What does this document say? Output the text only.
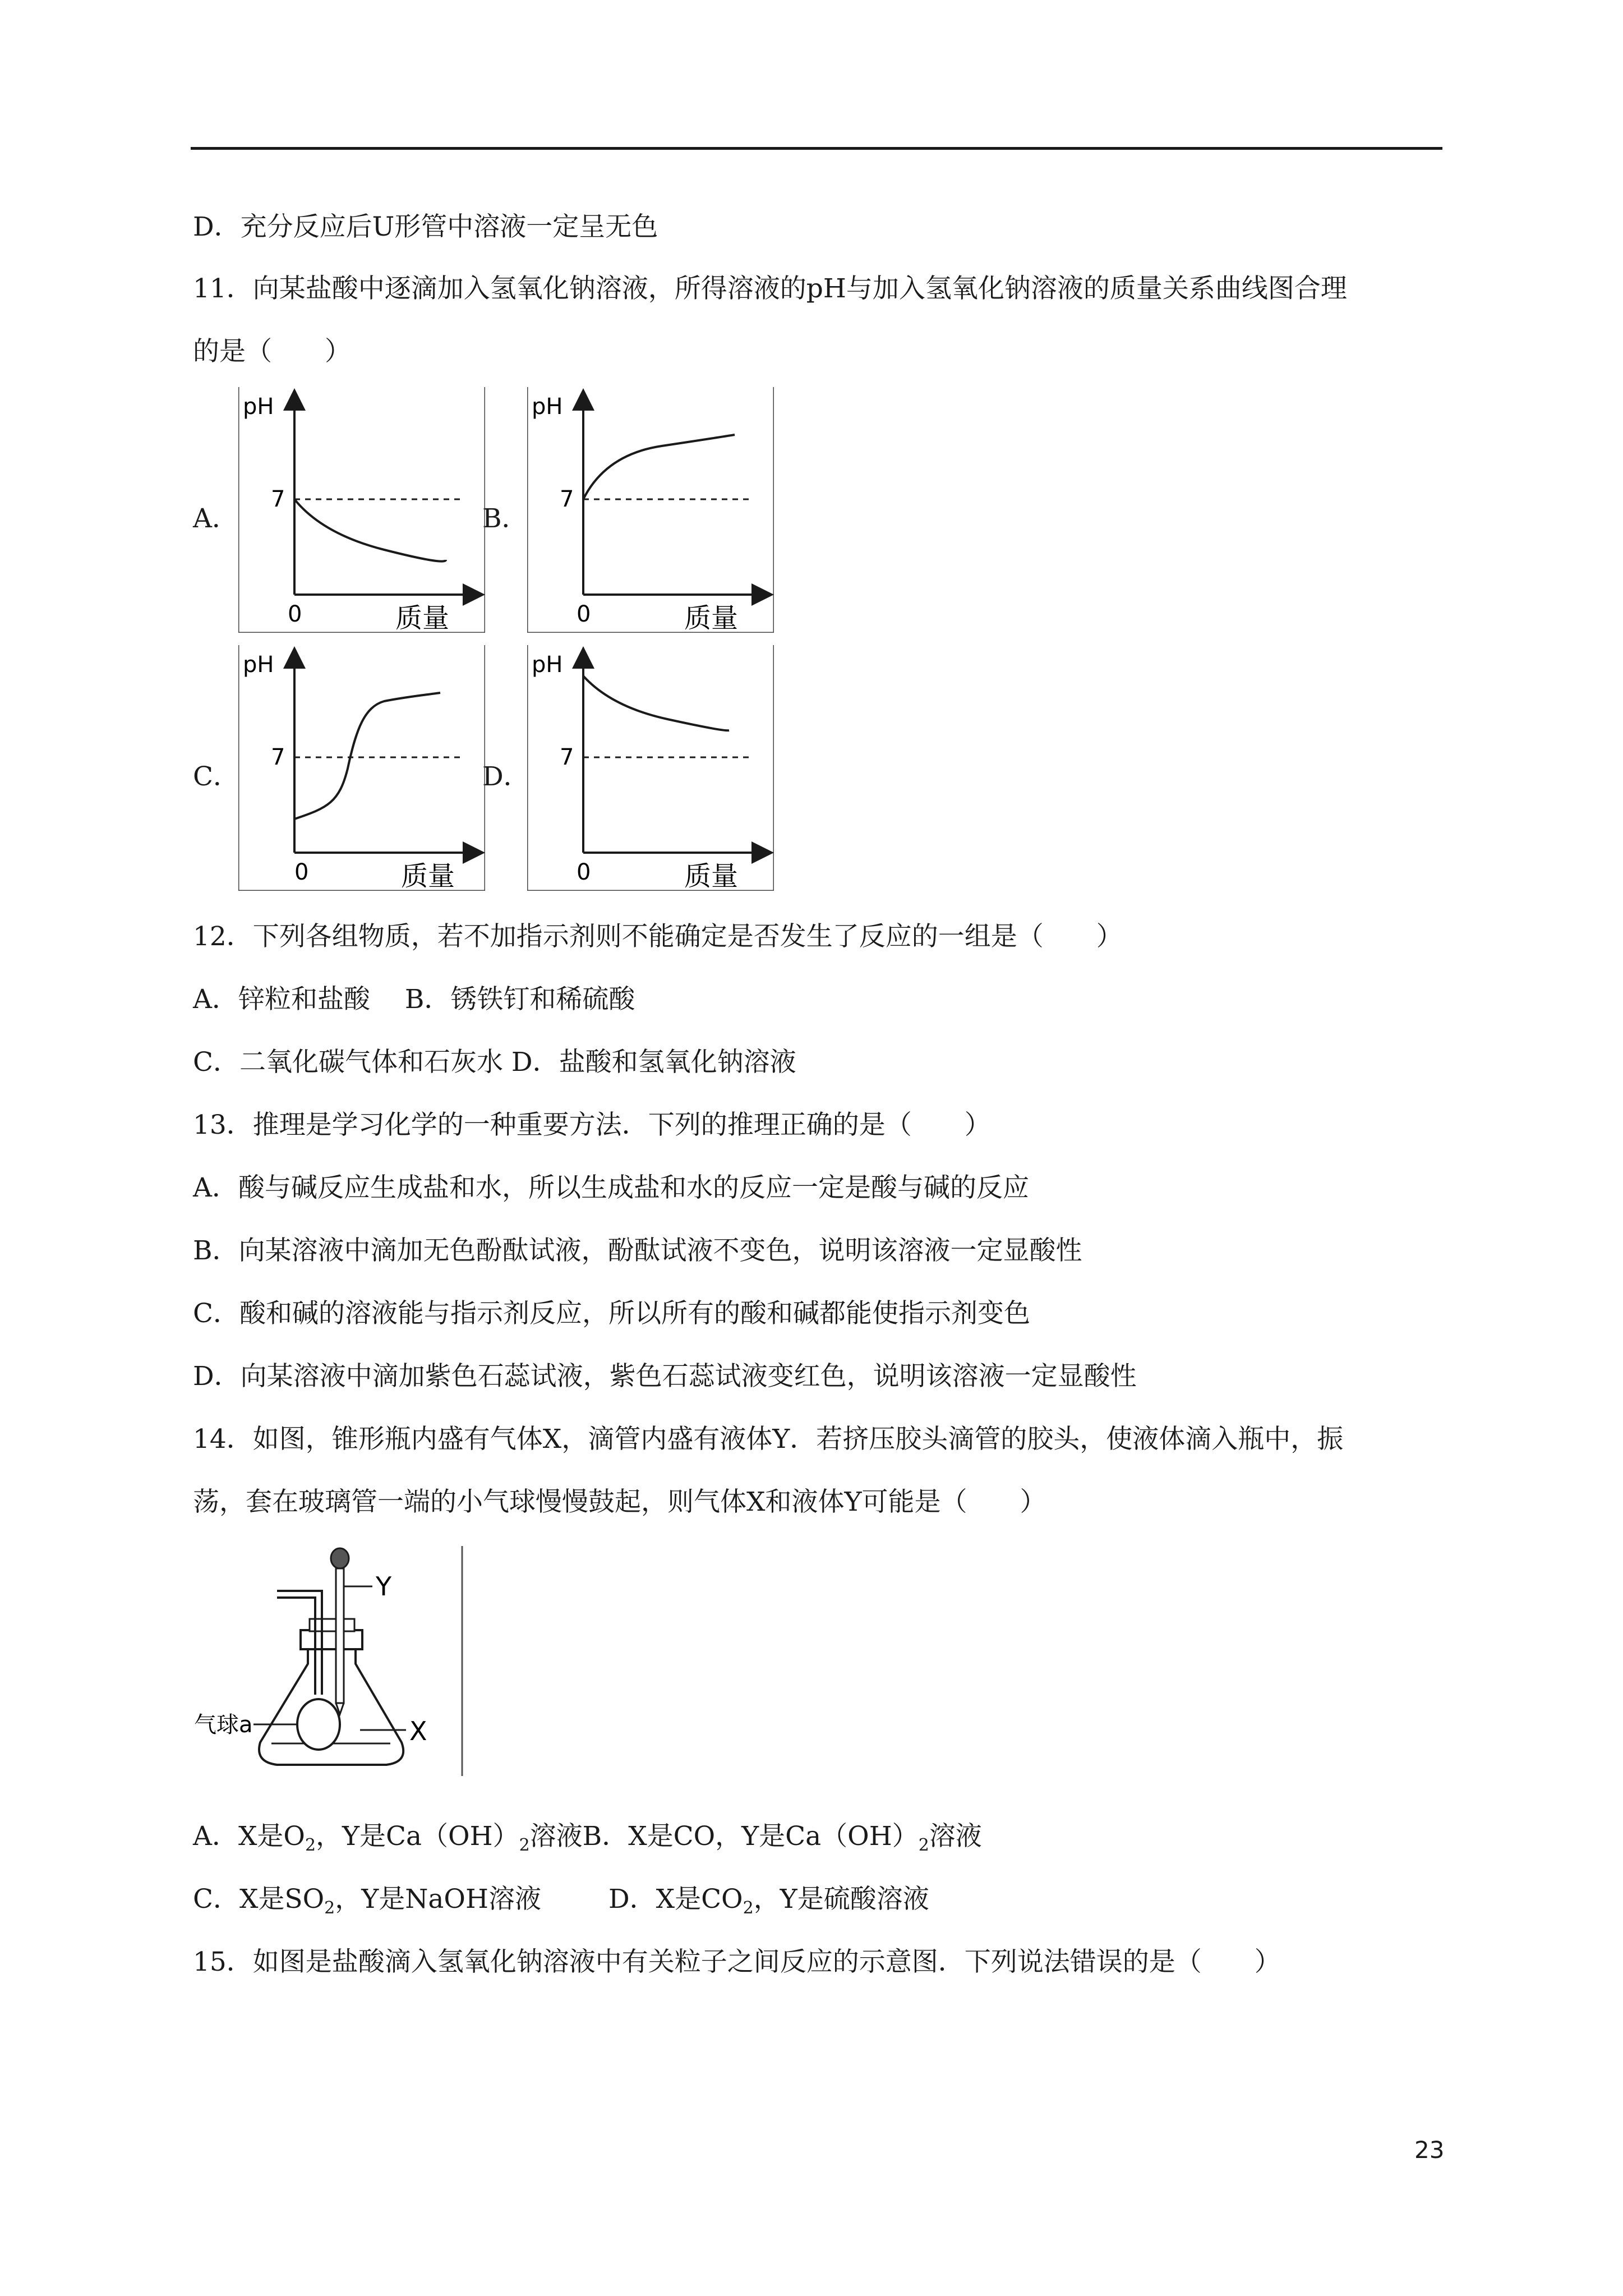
D．充分反应后U形管中溶液一定呈无色
11．向某盐酸中逐滴加入氢氧化钠溶液，所得溶液的pH与加入氢氧化钠溶液的质量关系曲线图合理
的是（　　）
A．	B．
C．	D．
pH
7
0	质量
pH
7
0	质量
pH
7
0	质量
pH
7
0	质量
12．下列各组物质，若不加指示剂则不能确定是否发生了反应的一组是（　　）
A．锌粒和盐酸　 B．锈铁钉和稀硫酸
C．二氧化碳气体和石灰水 D．盐酸和氢氧化钠溶液
13．推理是学习化学的一种重要方法．下列的推理正确的是（　　）
A．酸与碱反应生成盐和水，所以生成盐和水的反应一定是酸与碱的反应
B．向某溶液中滴加无色酚酞试液，酚酞试液不变色，说明该溶液一定显酸性
C．酸和碱的溶液能与指示剂反应，所以所有的酸和碱都能使指示剂变色
D．向某溶液中滴加紫色石蕊试液，紫色石蕊试液变红色，说明该溶液一定显酸性
14．如图，锥形瓶内盛有气体X，滴管内盛有液体Y．若挤压胶头滴管的胶头，使液体滴入瓶中，振
荡，套在玻璃管一端的小气球慢慢鼓起，则气体X和液体Y可能是（　　）
Y
X
气球a
A．X是$O_2$，Y是$Ca(OH)_2$溶液B．X是CO，Y是$Ca(OH)_2$溶液
C．X是$SO_2$，Y是NaOH溶液	D．X是$CO_2$，Y是硫酸溶液
15．如图是盐酸滴入氢氧化钠溶液中有关粒子之间反应的示意图．下列说法错误的是（　　）
23
